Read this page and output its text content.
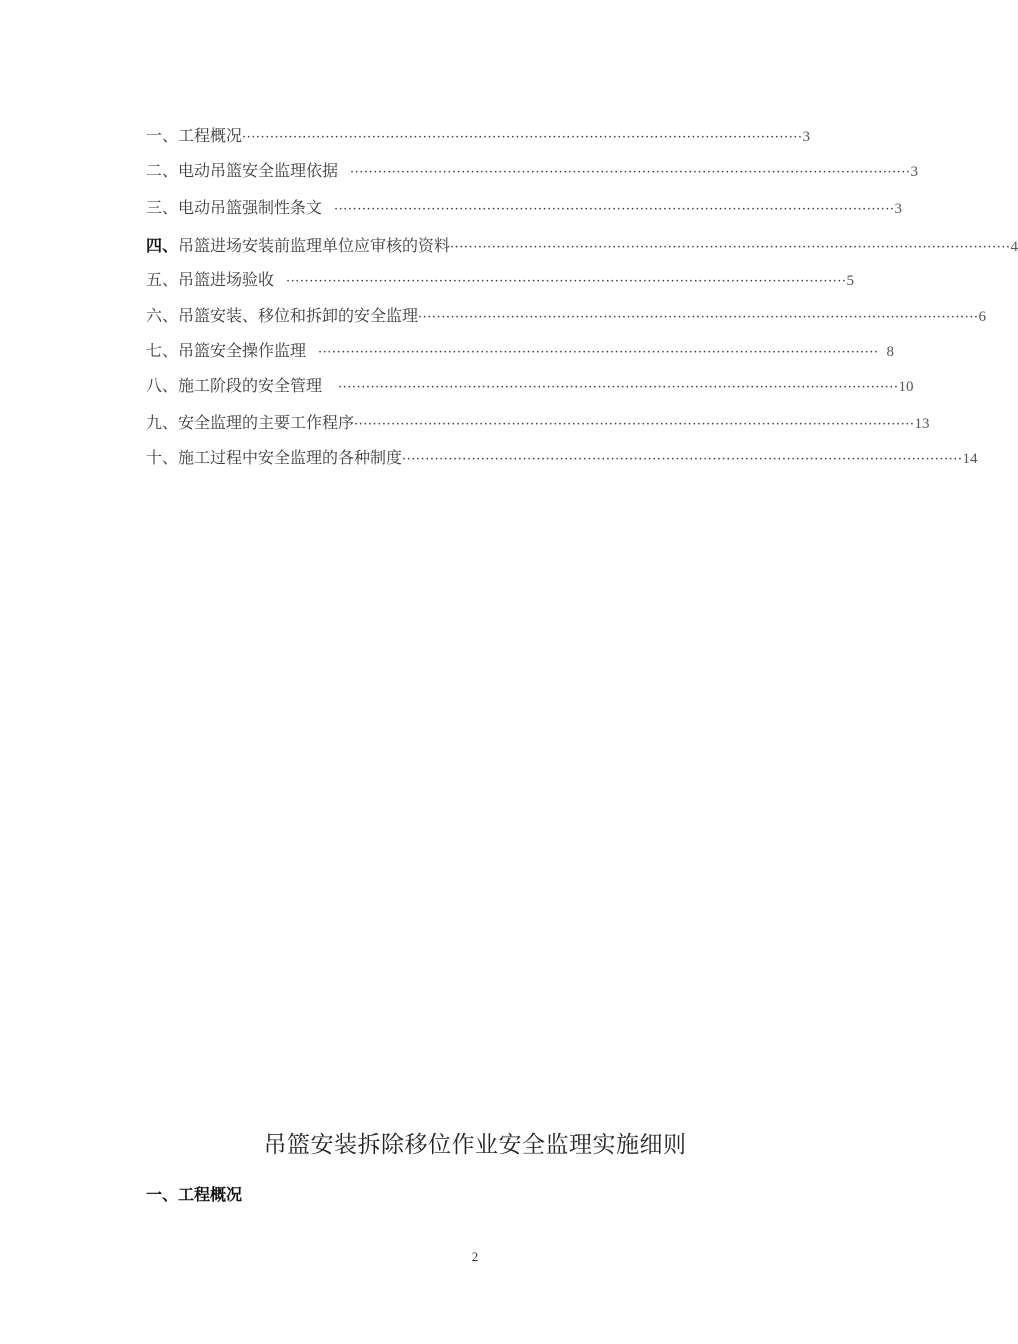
一、 工程概况 ························································································································· 3
二、 电动吊篮安全监理依据 ························································································································· 3
三、 电动吊篮强制性条文 ························································································································· 3
四、 吊篮进场安装前监理单位应审核的资料 ························································································································· 4
五、 吊篮进场验收 ························································································································· 5
六、 吊篮安装、移位和拆卸的安全监理 ························································································································· 6
七、 吊篮安全操作监理 ························································································································· 8
八、 施工阶段的安全管理 ························································································································· 10
九、 安全监理的主要工作程序 ························································································································· 13
十、 施工过程中安全监理的各种制度 ························································································································· 14
吊篮安装拆除移位作业安全监理实施细则
一、工程概况
2
